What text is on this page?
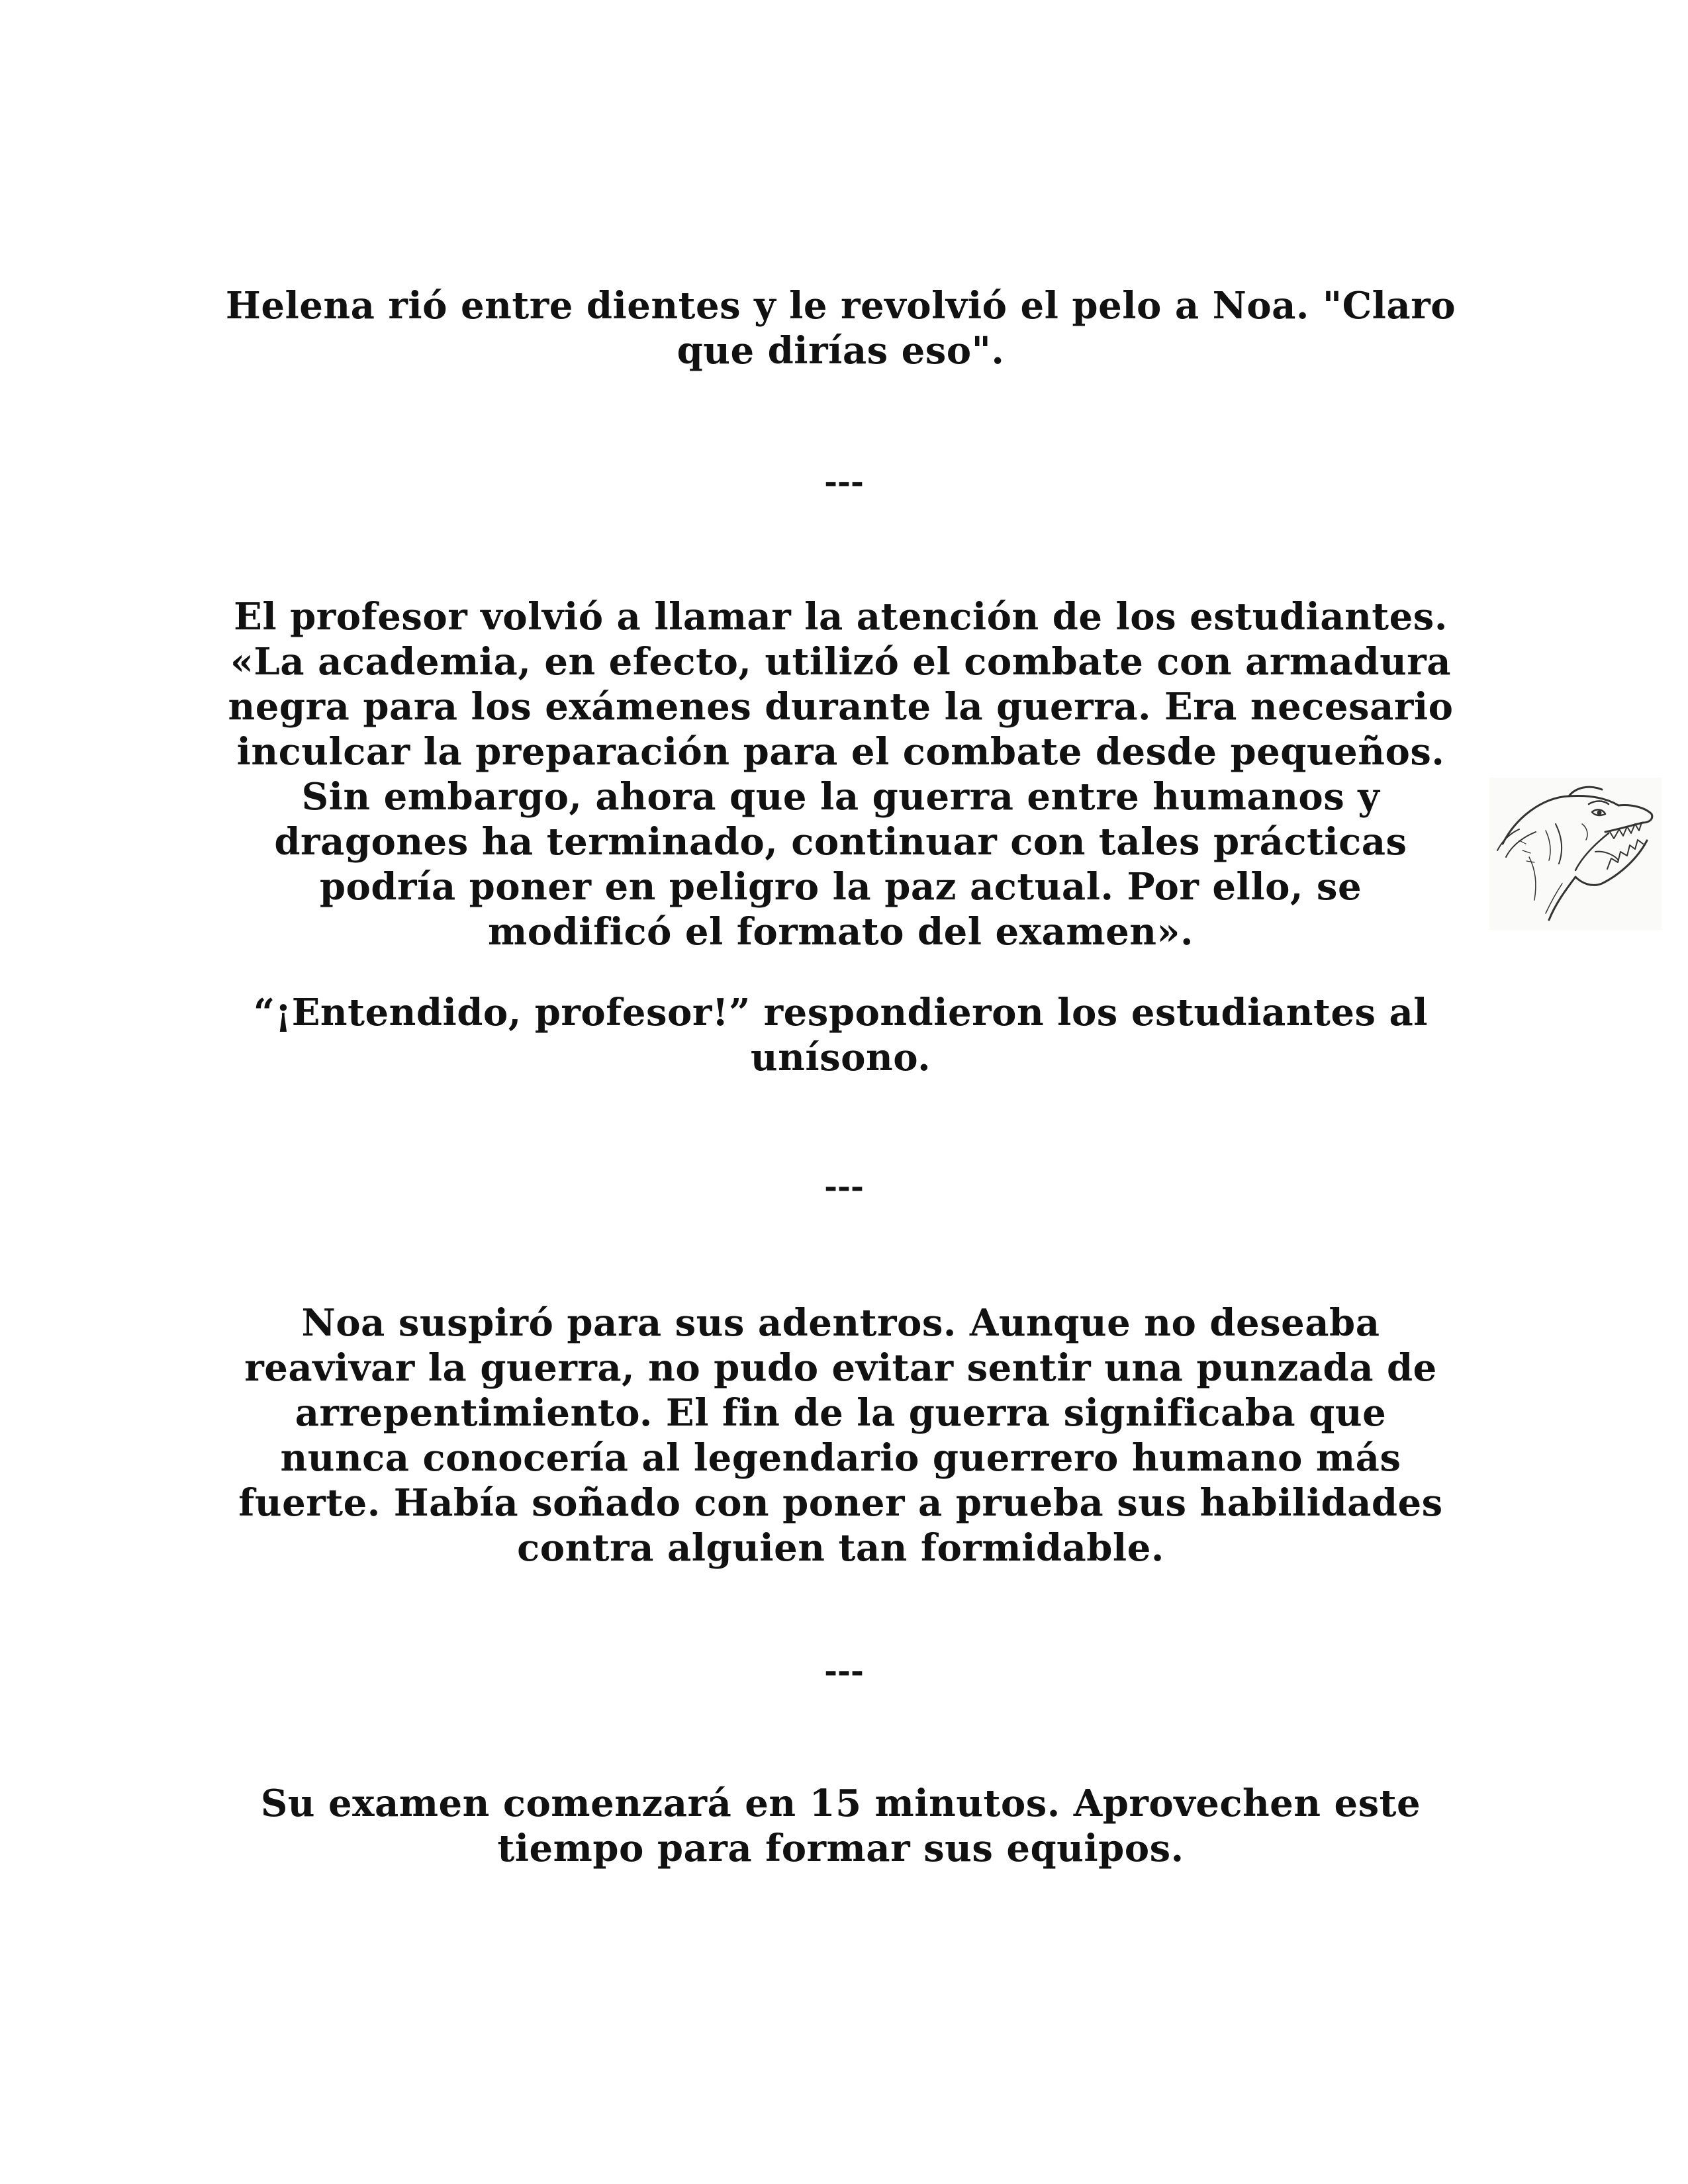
Helena rió entre dientes y le revolvió el pelo a Noa. "Claro que dirías eso".

---

El profesor volvió a llamar la atención de los estudiantes. «La academia, en efecto, utilizó el combate con armadura negra para los exámenes durante la guerra. Era necesario inculcar la preparación para el combate desde pequeños. Sin embargo, ahora que la guerra entre humanos y dragones ha terminado, continuar con tales prácticas podría poner en peligro la paz actual. Por ello, se modificó el formato del examen».

“¡Entendido, profesor!” respondieron los estudiantes al unísono.

---

Noa suspiró para sus adentros. Aunque no deseaba reavivar la guerra, no pudo evitar sentir una punzada de arrepentimiento. El fin de la guerra significaba que nunca conocería al legendario guerrero humano más fuerte. Había soñado con poner a prueba sus habilidades contra alguien tan formidable.

---

Su examen comenzará en 15 minutos. Aprovechen este tiempo para formar sus equipos.
